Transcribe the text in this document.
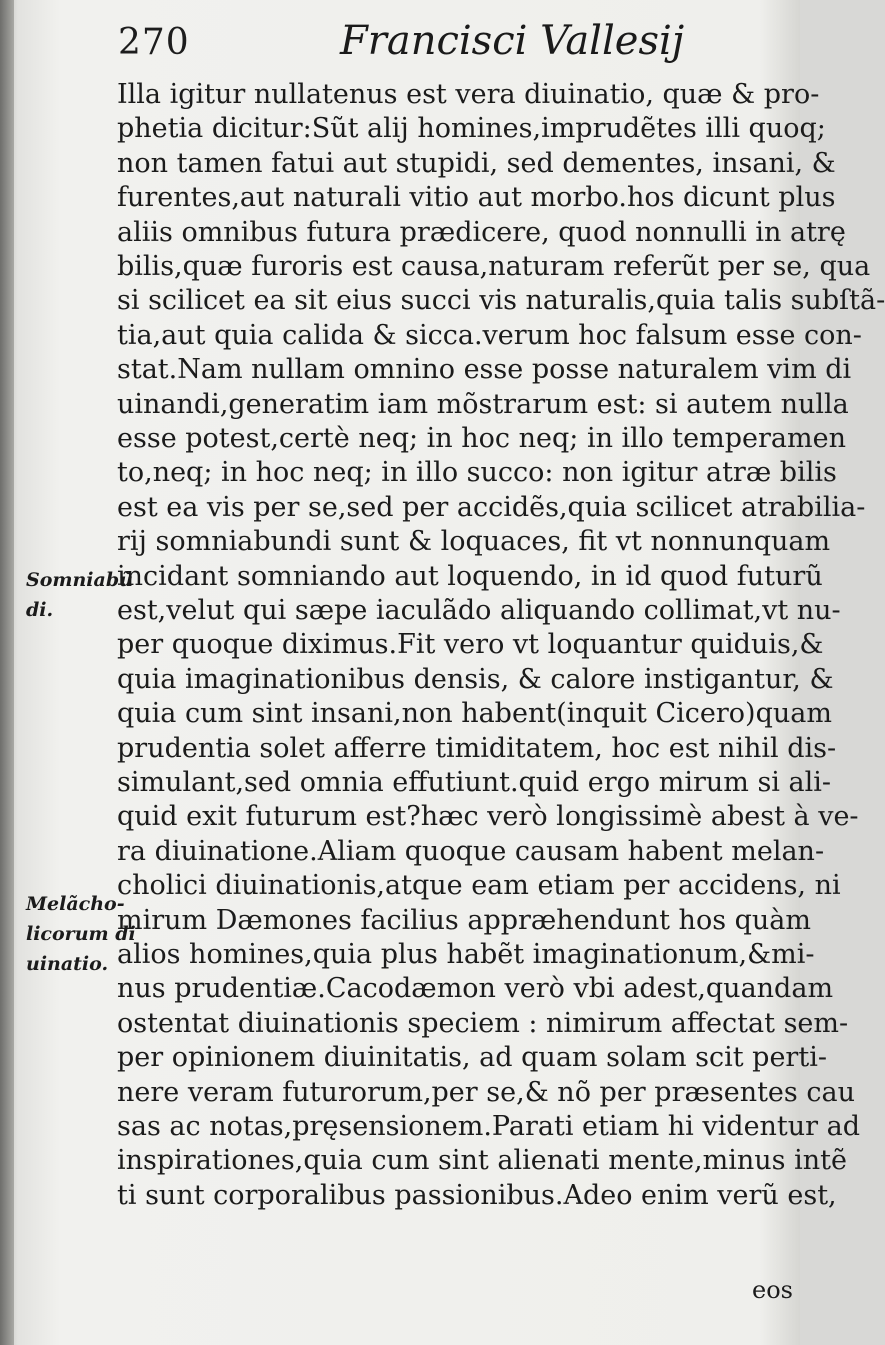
270	Francisci Vallesij
Illa igitur nullatenus est vera diuinatio, quæ & pro-
phetia dicitur:Sũt alij homines,imprudẽtes illi quoq;
non tamen fatui aut stupidi, sed dementes, insani, &
furentes,aut naturali vitio aut morbo.hos dicunt plus
aliis omnibus futura prædicere, quod nonnulli in atrę
bilis,quæ furoris est causa,naturam referũt per se, qua
si scilicet ea sit eius succi vis naturalis,quia talis subſtã-
tia,aut quia calida & sicca.verum hoc falsum esse con-
stat.Nam nullam omnino esse posse naturalem vim di
uinandi,generatim iam mõstrarum est: si autem nulla
esse potest,certè neq; in hoc neq; in illo temperamen
to,neq; in hoc neq; in illo succo: non igitur atræ bilis
est ea vis per se,sed per accidẽs,quia scilicet atrabilia-
rij somniabundi sunt & loquaces, fit vt nonnunquam
incidant somniando aut loquendo, in id quod futurũ
est,velut qui sæpe iaculãdo aliquando collimat,vt nu-
per quoque diximus.Fit vero vt loquantur quiduis,&
quia imaginationibus densis, & calore instigantur, &
quia cum sint insani,non habent(inquit Cicero)quam
prudentia solet afferre timiditatem, hoc est nihil dis-
simulant,sed omnia effutiunt.quid ergo mirum si ali-
quid exit futurum est?hæc verò longissimè abest à ve-
ra diuinatione.Aliam quoque causam habent melan-
cholici diuinationis,atque eam etiam per accidens, ni
mirum Dæmones facilius appræhendunt hos quàm
alios homines,quia plus habẽt imaginationum,&mi-
nus prudentiæ.Cacodæmon verò vbi adest,quandam
ostentat diuinationis speciem : nimirum affectat sem-
per opinionem diuinitatis, ad quam solam scit perti-
nere veram futurorum,per se,& nõ per præsentes cau
sas ac notas,pręsensionem.Parati etiam hi videntur ad
inspirationes,quia cum sint alienati mente,minus intẽ
ti sunt corporalibus passionibus.Adeo enim verũ est,
Somniabũ
di.
Melãcho-
licorum di
uinatio.
eos
